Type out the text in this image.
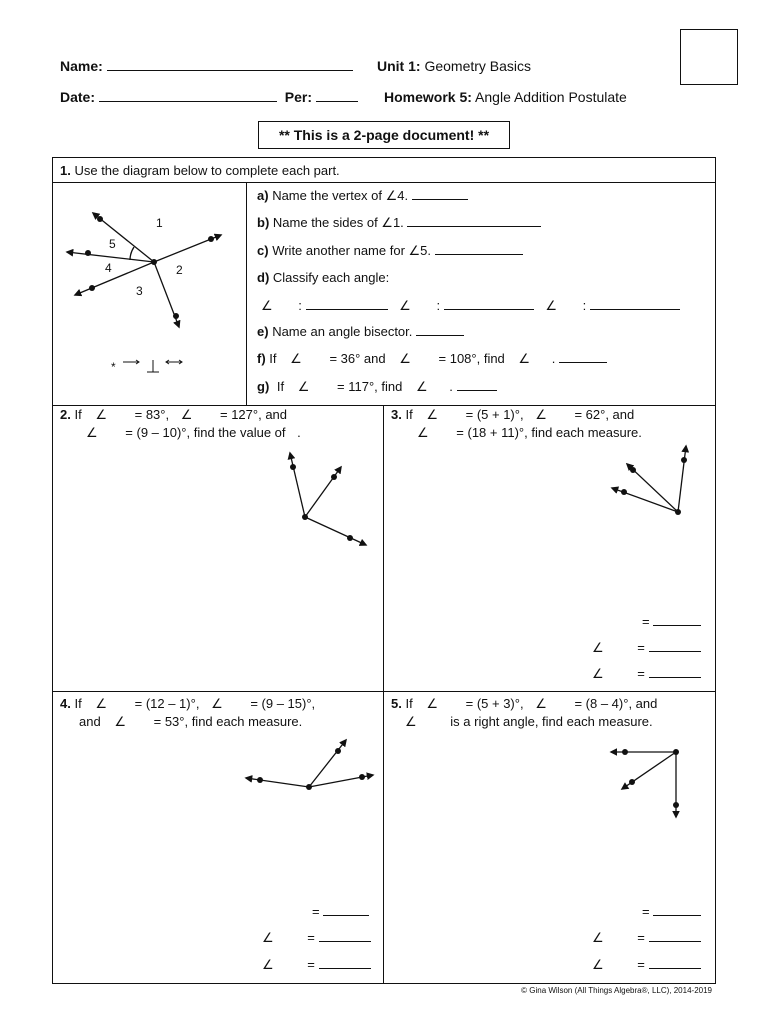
Name:	Unit 1: Geometry Basics
Date:	Per:	Homework 5: Angle Addition Postulate
** This is a 2-page document! **
1. Use the diagram below to complete each part.
1
2
3
4
5
*
a) Name the vertex of ∠4.
b) Name the sides of ∠1.
c) Write another name for ∠5.
d) Classify each angle:
∠ :	∠ :	∠ :
e) Name an angle bisector.
f) If ∠ = 36° and ∠ = 108°, find ∠ .
g) If ∠ = 117°, find ∠ .
2. If ∠ = 83°, ∠ = 127°, and
∠ = (9 – 10)°, find the value of .
3. If ∠ = (5 + 1)°, ∠ = 62°, and
∠ = (18 + 11)°, find each measure.
=
∠	=
∠	=
4. If ∠ = (12 – 1)°, ∠ = (9 – 15)°,
and ∠ = 53°, find each measure.
=
∠	=
∠	=
5. If ∠ = (5 + 3)°, ∠ = (8 – 4)°, and
∠	is a right angle, find each measure.
=
∠	=
∠	=
© Gina Wilson (All Things Algebra®, LLC), 2014-2019
